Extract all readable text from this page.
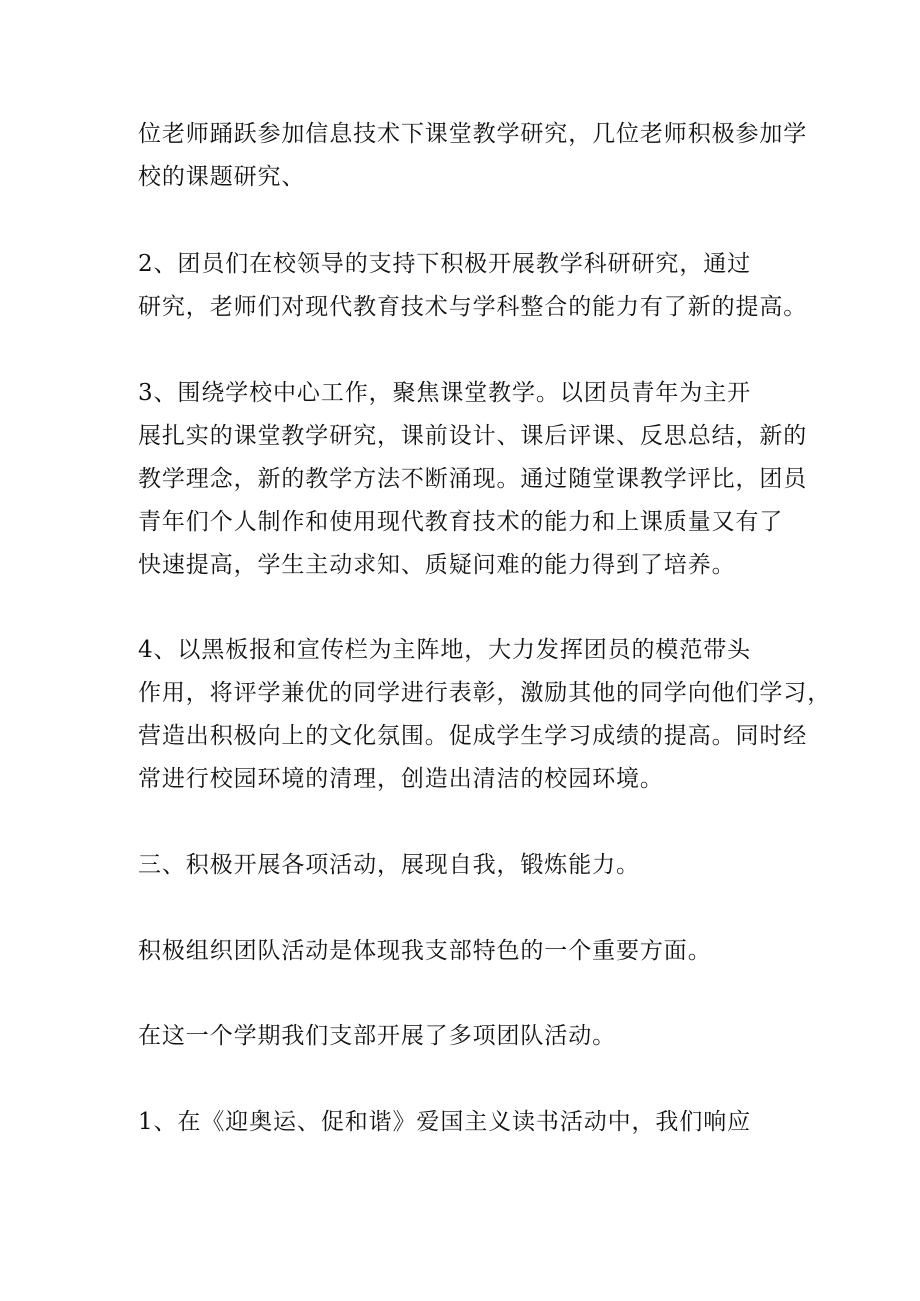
位老师踊跃参加信息技术下课堂教学研究，几位老师积极参加学
校的课题研究、
2、团员们在校领导的支持下积极开展教学科研研究，通过
研究，老师们对现代教育技术与学科整合的能力有了新的提高。
3、围绕学校中心工作，聚焦课堂教学。以团员青年为主开
展扎实的课堂教学研究，课前设计、课后评课、反思总结，新的
教学理念，新的教学方法不断涌现。通过随堂课教学评比，团员
青年们个人制作和使用现代教育技术的能力和上课质量又有了
快速提高，学生主动求知、质疑问难的能力得到了培养。
4、以黑板报和宣传栏为主阵地，大力发挥团员的模范带头
作用，将评学兼优的同学进行表彰，激励其他的同学向他们学习，
营造出积极向上的文化氛围。促成学生学习成绩的提高。同时经
常进行校园环境的清理，创造出清洁的校园环境。
三、积极开展各项活动，展现自我，锻炼能力。
积极组织团队活动是体现我支部特色的一个重要方面。
在这一个学期我们支部开展了多项团队活动。
1、在《迎奥运、促和谐》爱国主义读书活动中，我们响应
